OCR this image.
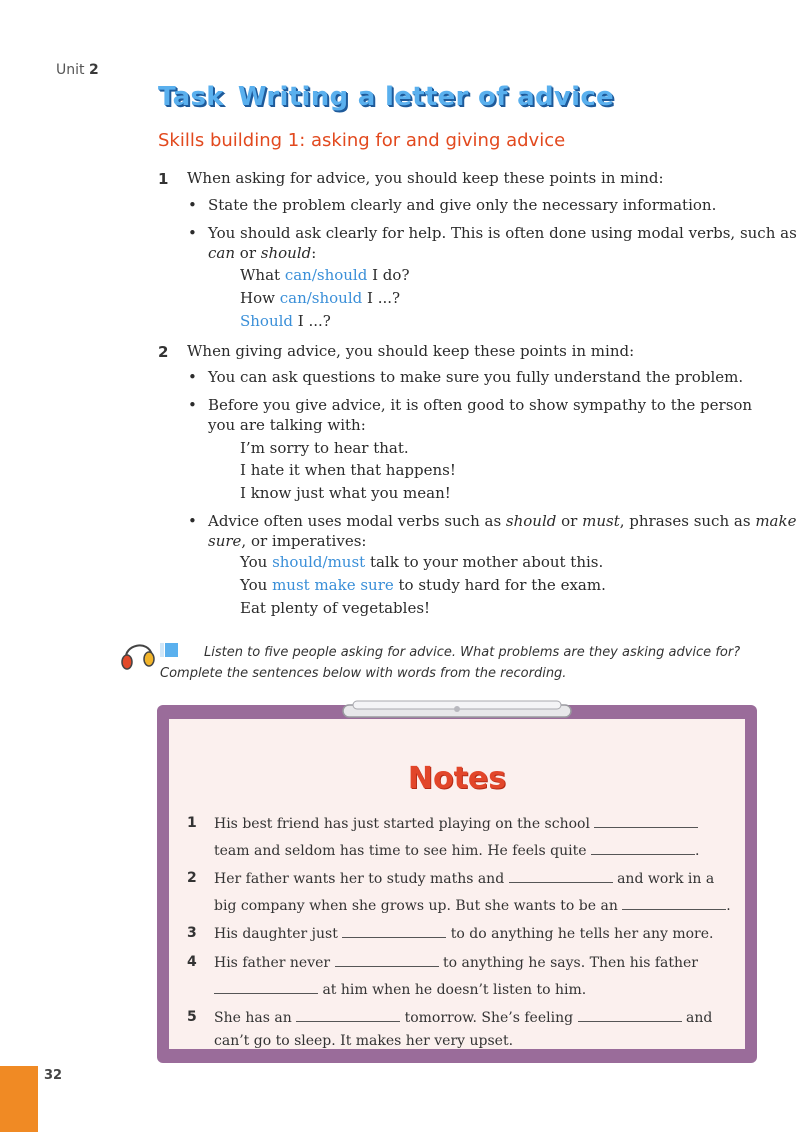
Unit 2
Task Writing a letter of advice
Skills building 1: asking for and giving advice
1 When asking for advice, you should keep these points in mind:
• State the problem clearly and give only the necessary information.
• You should ask clearly for help. This is often done using modal verbs, such as
can or should:
What can/should I do?
How can/should I ...?
Should I ...?
2 When giving advice, you should keep these points in mind:
• You can ask questions to make sure you fully understand the problem.
• Before you give advice, it is often good to show sympathy to the person
you are talking with:
I’m sorry to hear that.
I hate it when that happens!
I know just what you mean!
• Advice often uses modal verbs such as should or must, phrases such as make
sure, or imperatives:
You should/must talk to your mother about this.
You must make sure to study hard for the exam.
Eat plenty of vegetables!
Listen to five people asking for advice. What problems are they asking advice for?
Complete the sentences below with words from the recording.
Notes
1 His best friend has just started playing on the school
team and seldom has time to see him. He feels quite	.
2 Her father wants her to study maths and	and work in a
big company when she grows up. But she wants to be an	.
3 His daughter just	to do anything he tells her any more.
4 His father never	to anything he says. Then his father
at him when he doesn’t listen to him.
5 She has an	tomorrow. She’s feeling	and
can’t go to sleep. It makes her very upset.
32
